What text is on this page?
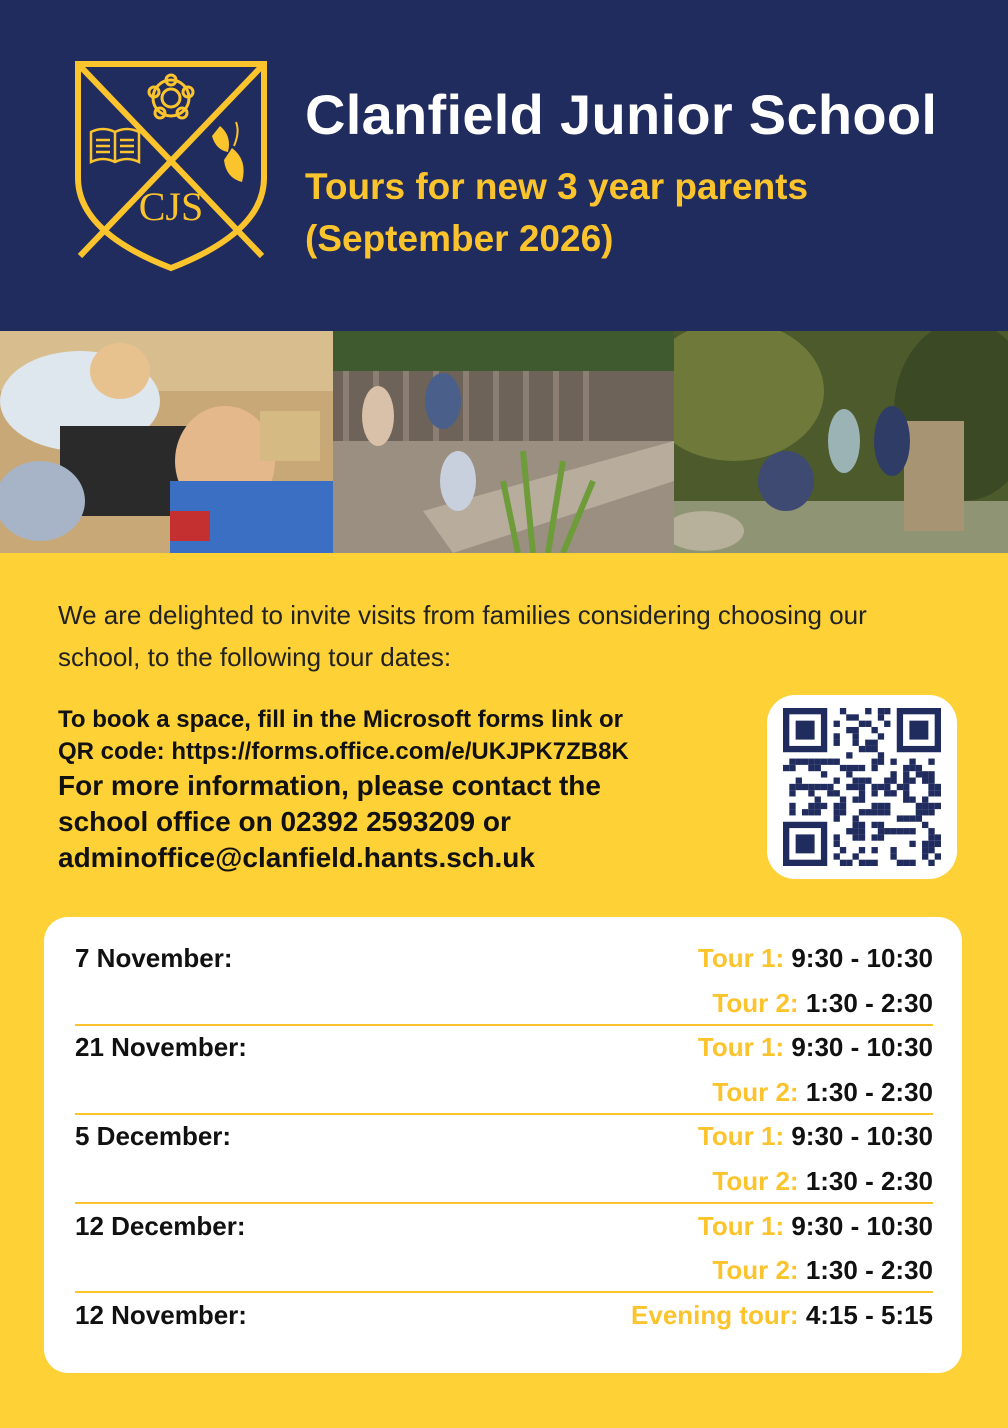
CJS
Clanfield Junior School
Tours for new 3 year parents
(September 2026)
We are delighted to invite visits from families considering choosing our school, to the following tour dates:
To book a space, fill in the Microsoft forms link or
QR code: https://forms.office.com/e/UKJPK7ZB8K
For more information, please contact the
school office on 02392 2593209 or
adminoffice@clanfield.hants.sch.uk
7 November:	Tour 1: 9:30 - 10:30
Tour 2: 1:30 - 2:30
21 November:	Tour 1: 9:30 - 10:30
Tour 2: 1:30 - 2:30
5 December:	Tour 1: 9:30 - 10:30
Tour 2: 1:30 - 2:30
12 December:	Tour 1: 9:30 - 10:30
Tour 2: 1:30 - 2:30
12 November:	Evening tour: 4:15 - 5:15
